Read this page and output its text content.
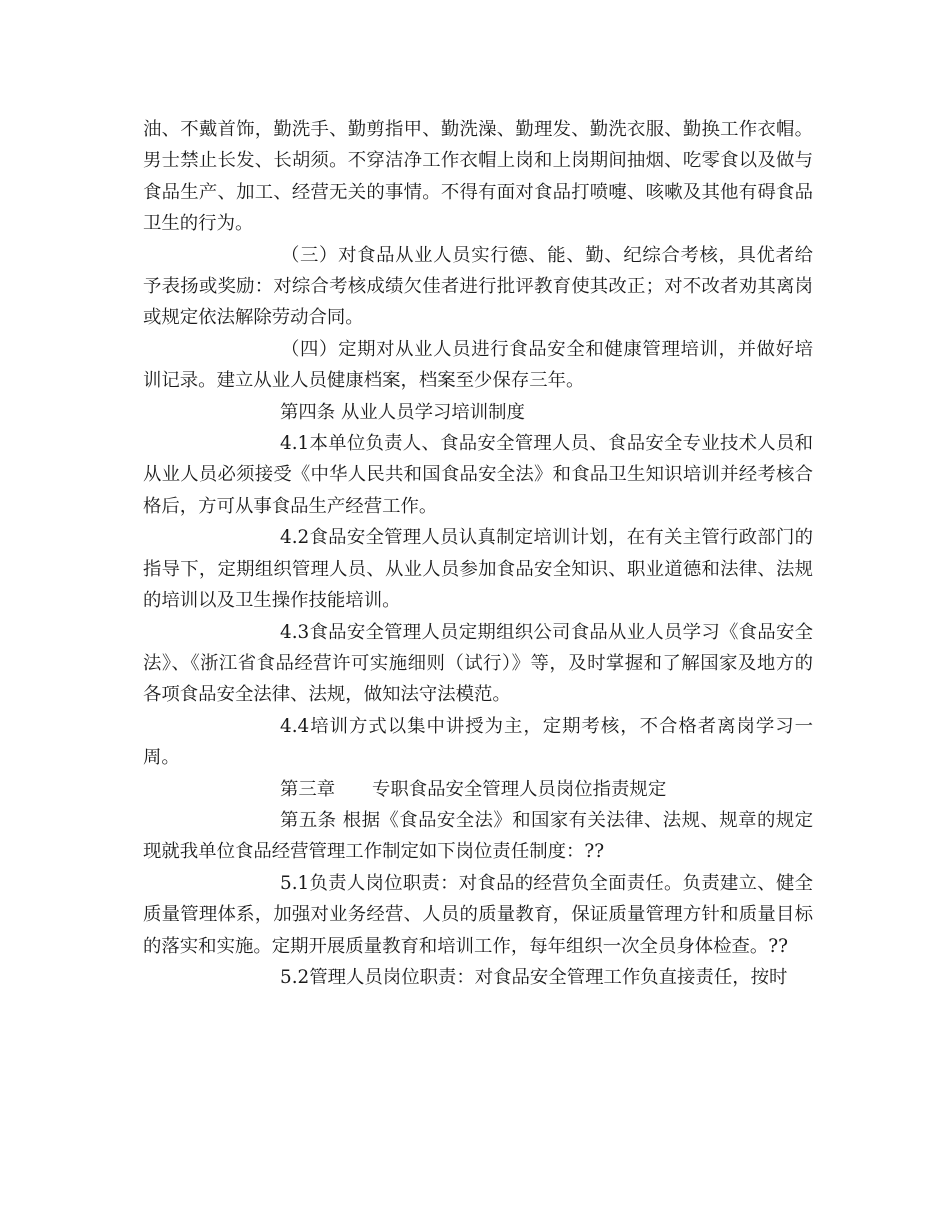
油、不戴首饰，勤洗手、勤剪指甲、勤洗澡、勤理发、勤洗衣服、勤换工作衣帽。男士禁止长发、长胡须。不穿洁净工作衣帽上岗和上岗期间抽烟、吃零食以及做与食品生产、加工、经营无关的事情。不得有面对食品打喷嚏、咳嗽及其他有碍食品卫生的行为。

（三）对食品从业人员实行德、能、勤、纪综合考核，具优者给予表扬或奖励：对综合考核成绩欠佳者进行批评教育使其改正；对不改者劝其离岗或规定依法解除劳动合同。

（四）定期对从业人员进行食品安全和健康管理培训，并做好培训记录。建立从业人员健康档案，档案至少保存三年。

第四条 从业人员学习培训制度

4.1本单位负责人、食品安全管理人员、食品安全专业技术人员和从业人员必须接受《中华人民共和国食品安全法》和食品卫生知识培训并经考核合格后，方可从事食品生产经营工作。

4.2食品安全管理人员认真制定培训计划，在有关主管行政部门的指导下，定期组织管理人员、从业人员参加食品安全知识、职业道德和法律、法规的培训以及卫生操作技能培训。

4.3食品安全管理人员定期组织公司食品从业人员学习《食品安全法》、《浙江省食品经营许可实施细则（试行）》等，及时掌握和了解国家及地方的各项食品安全法律、法规，做知法守法模范。

4.4培训方式以集中讲授为主，定期考核，不合格者离岗学习一周。

第三章　　专职食品安全管理人员岗位指责规定

第五条 根据《食品安全法》和国家有关法律、法规、规章的规定现就我单位食品经营管理工作制定如下岗位责任制度：??

5.1负责人岗位职责：对食品的经营负全面责任。负责建立、健全质量管理体系，加强对业务经营、人员的质量教育，保证质量管理方针和质量目标的落实和实施。定期开展质量教育和培训工作，每年组织一次全员身体检查。??

5.2管理人员岗位职责：对食品安全管理工作负直接责任，按时
